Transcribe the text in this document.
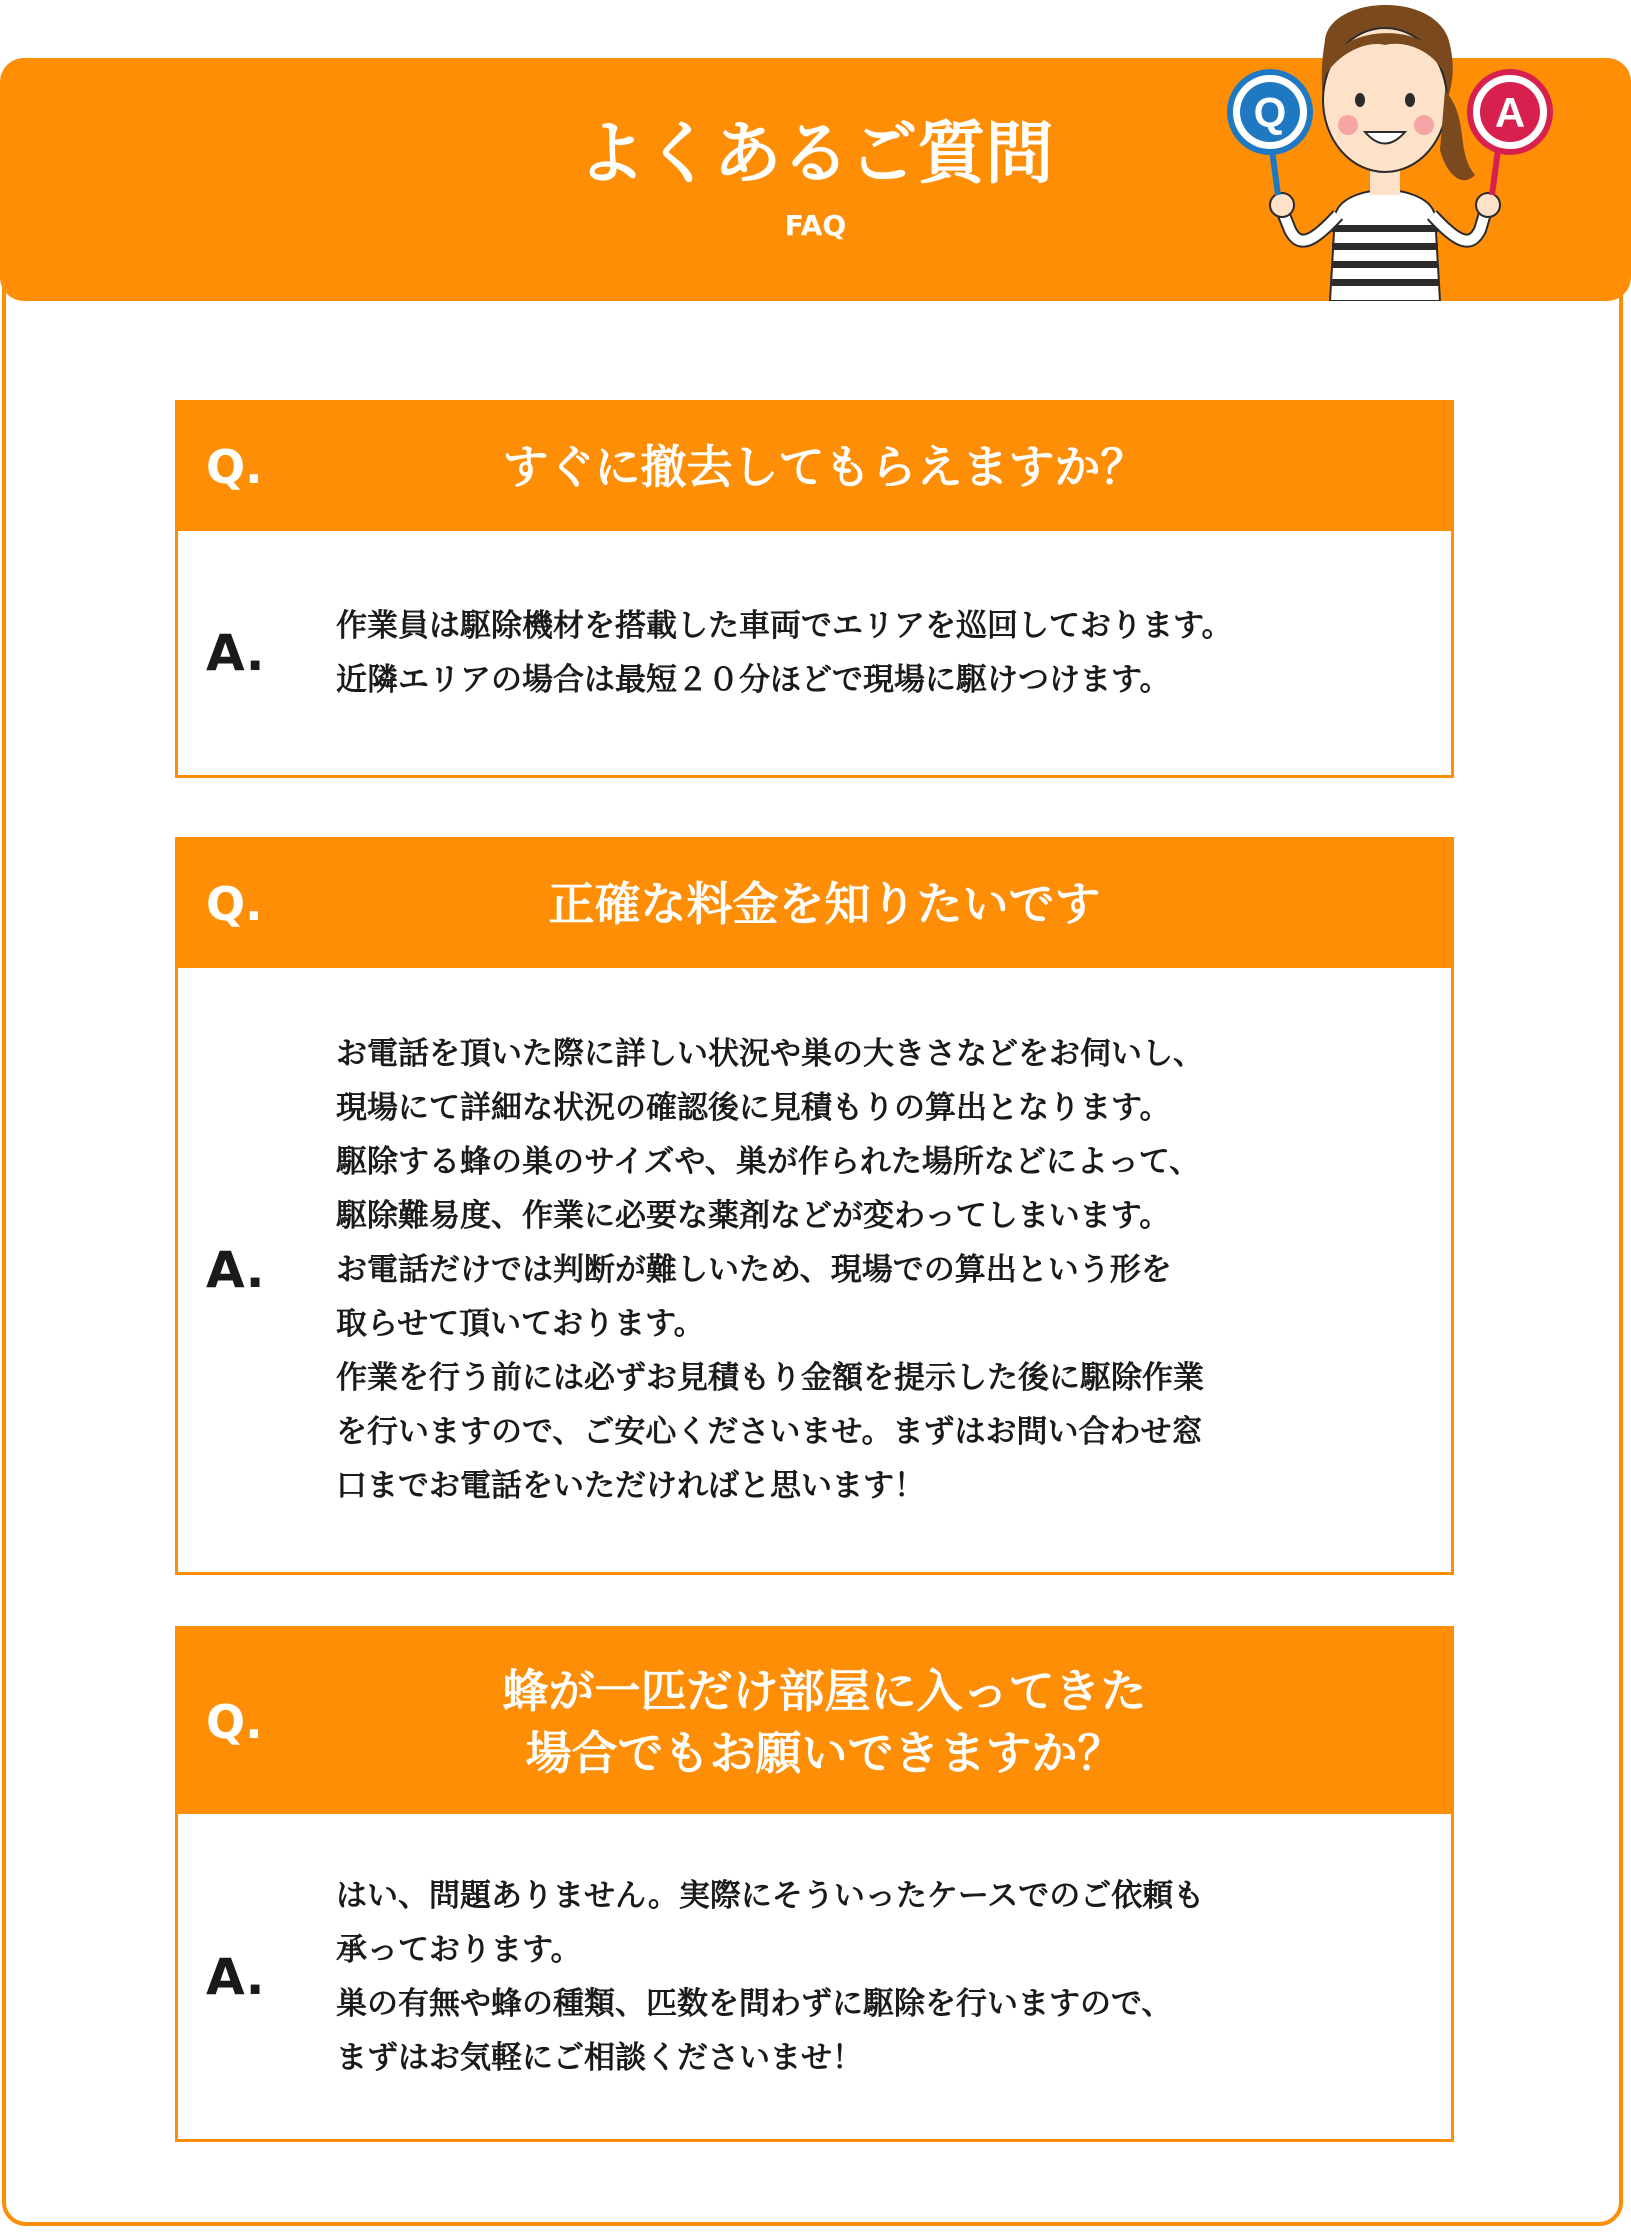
よくあるご質問
FAQ
Q	A
Q.	すぐに撤去してもらえますか？
A. 作業員は駆除機材を搭載した車両でエリアを巡回しております。
近隣エリアの場合は最短２０分ほどで現場に駆けつけます。
Q.	正確な料金を知りたいです
A.
お電話を頂いた際に詳しい状況や巣の大きさなどをお伺いし、
現場にて詳細な状況の確認後に見積もりの算出となります。
駆除する蜂の巣のサイズや、巣が作られた場所などによって、
駆除難易度、作業に必要な薬剤などが変わってしまいます。
お電話だけでは判断が難しいため、現場での算出という形を
取らせて頂いております。
作業を行う前には必ずお見積もり金額を提示した後に駆除作業
を行いますので、ご安心くださいませ。まずはお問い合わせ窓
口までお電話をいただければと思います！
Q.
蜂が一匹だけ部屋に入ってきた
場合でもお願いできますか？
A.
はい、問題ありません。実際にそういったケースでのご依頼も
承っております。
巣の有無や蜂の種類、匹数を問わずに駆除を行いますので、
まずはお気軽にご相談くださいませ！
